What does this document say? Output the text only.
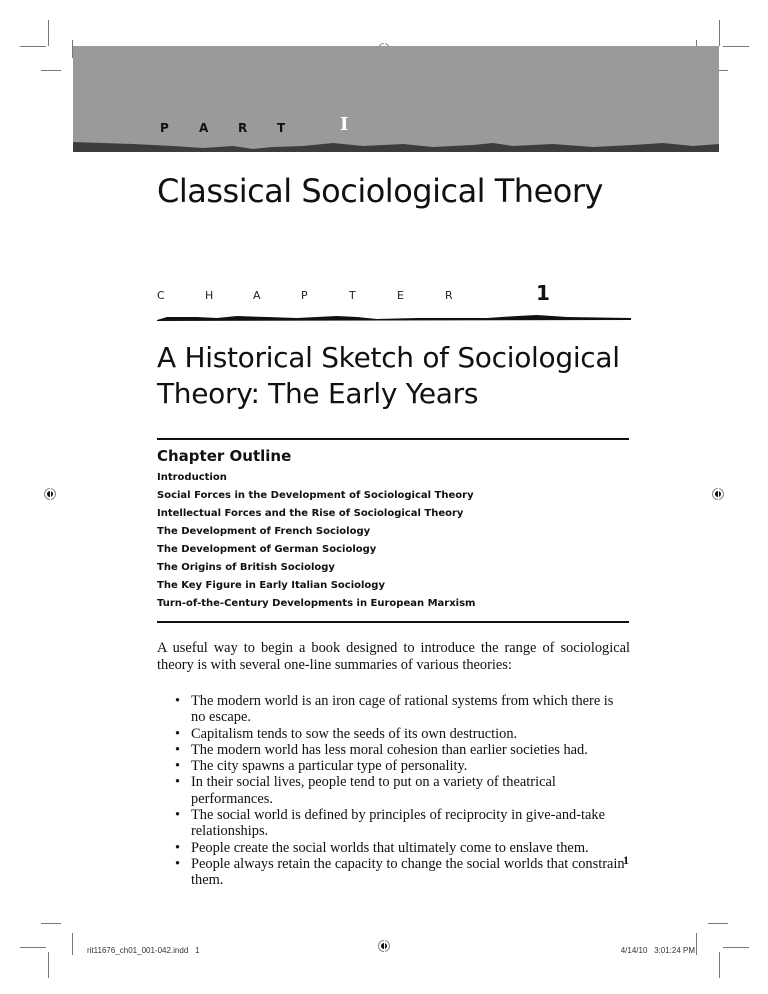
P	A	R	T	I
Classical Sociological Theory
C	H	A	P	T	E	R	1
A Historical Sketch of Sociological Theory: The Early Years
Chapter Outline
Introduction
Social Forces in the Development of Sociological Theory
Intellectual Forces and the Rise of Sociological Theory
The Development of French Sociology
The Development of German Sociology
The Origins of British Sociology
The Key Figure in Early Italian Sociology
Turn-of-the-Century Developments in European Marxism

A useful way to begin a book designed to introduce the range of sociological theory is with several one-line summaries of various theories:

• The modern world is an iron cage of rational systems from which there is no escape.
• Capitalism tends to sow the seeds of its own destruction.
• The modern world has less moral cohesion than earlier societies had.
• The city spawns a particular type of personality.
• In their social lives, people tend to put on a variety of theatrical performances.
• The social world is defined by principles of reciprocity in give-and-take relationships.
• People create the social worlds that ultimately come to enslave them.
• People always retain the capacity to change the social worlds that constrain them.
1
rit11676_ch01_001-042.indd   1	4/14/10   3:01:24 PM
